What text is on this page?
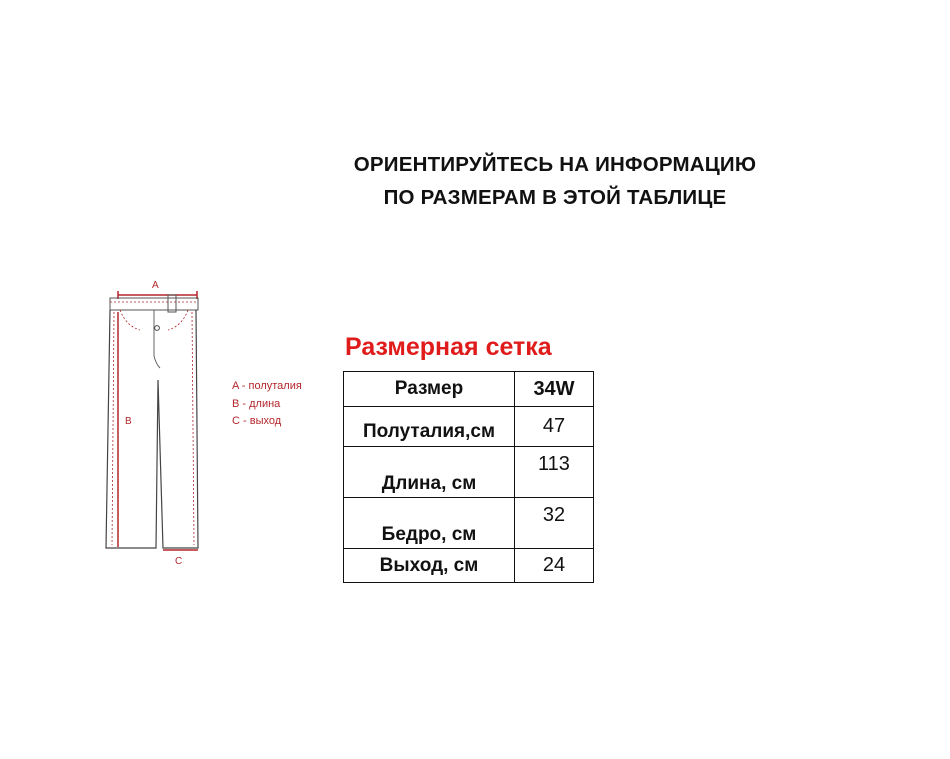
ОРИЕНТИРУЙТЕСЬ НА ИНФОРМАЦИЮ
ПО РАЗМЕРАМ В ЭТОЙ ТАБЛИЦЕ
A
B
C
A - полуталия
B - длина
C - выход
Размерная сетка
Размер	34W
Полуталия,см	47
Длина, см	113
Бедро, см	32
Выход, см	24
